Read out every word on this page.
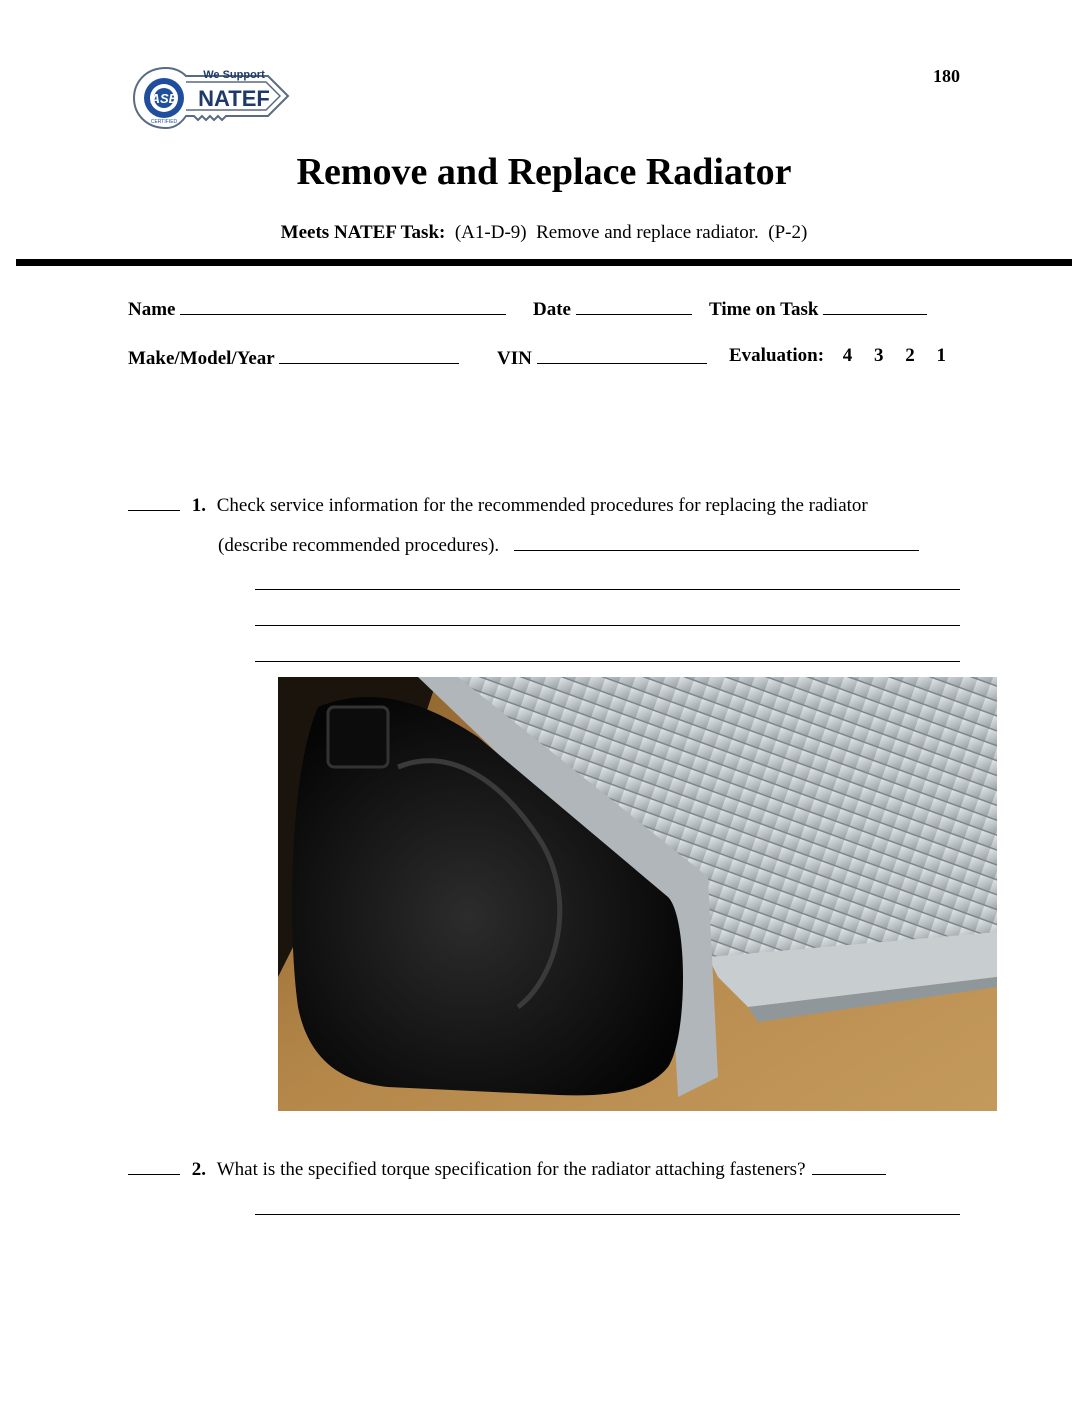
ASE NATEF
We Support
CERTIFIED
180
Remove and Replace Radiator
Meets NATEF Task: (A1-D-9) Remove and replace radiator. (P-2)
Name	Date	Time on Task
Make/Model/Year	VIN	Evaluation: 4 3 2 1
1. Check service information for the recommended procedures for replacing the radiator
(describe recommended procedures).
2. What is the specified torque specification for the radiator attaching fasteners?
